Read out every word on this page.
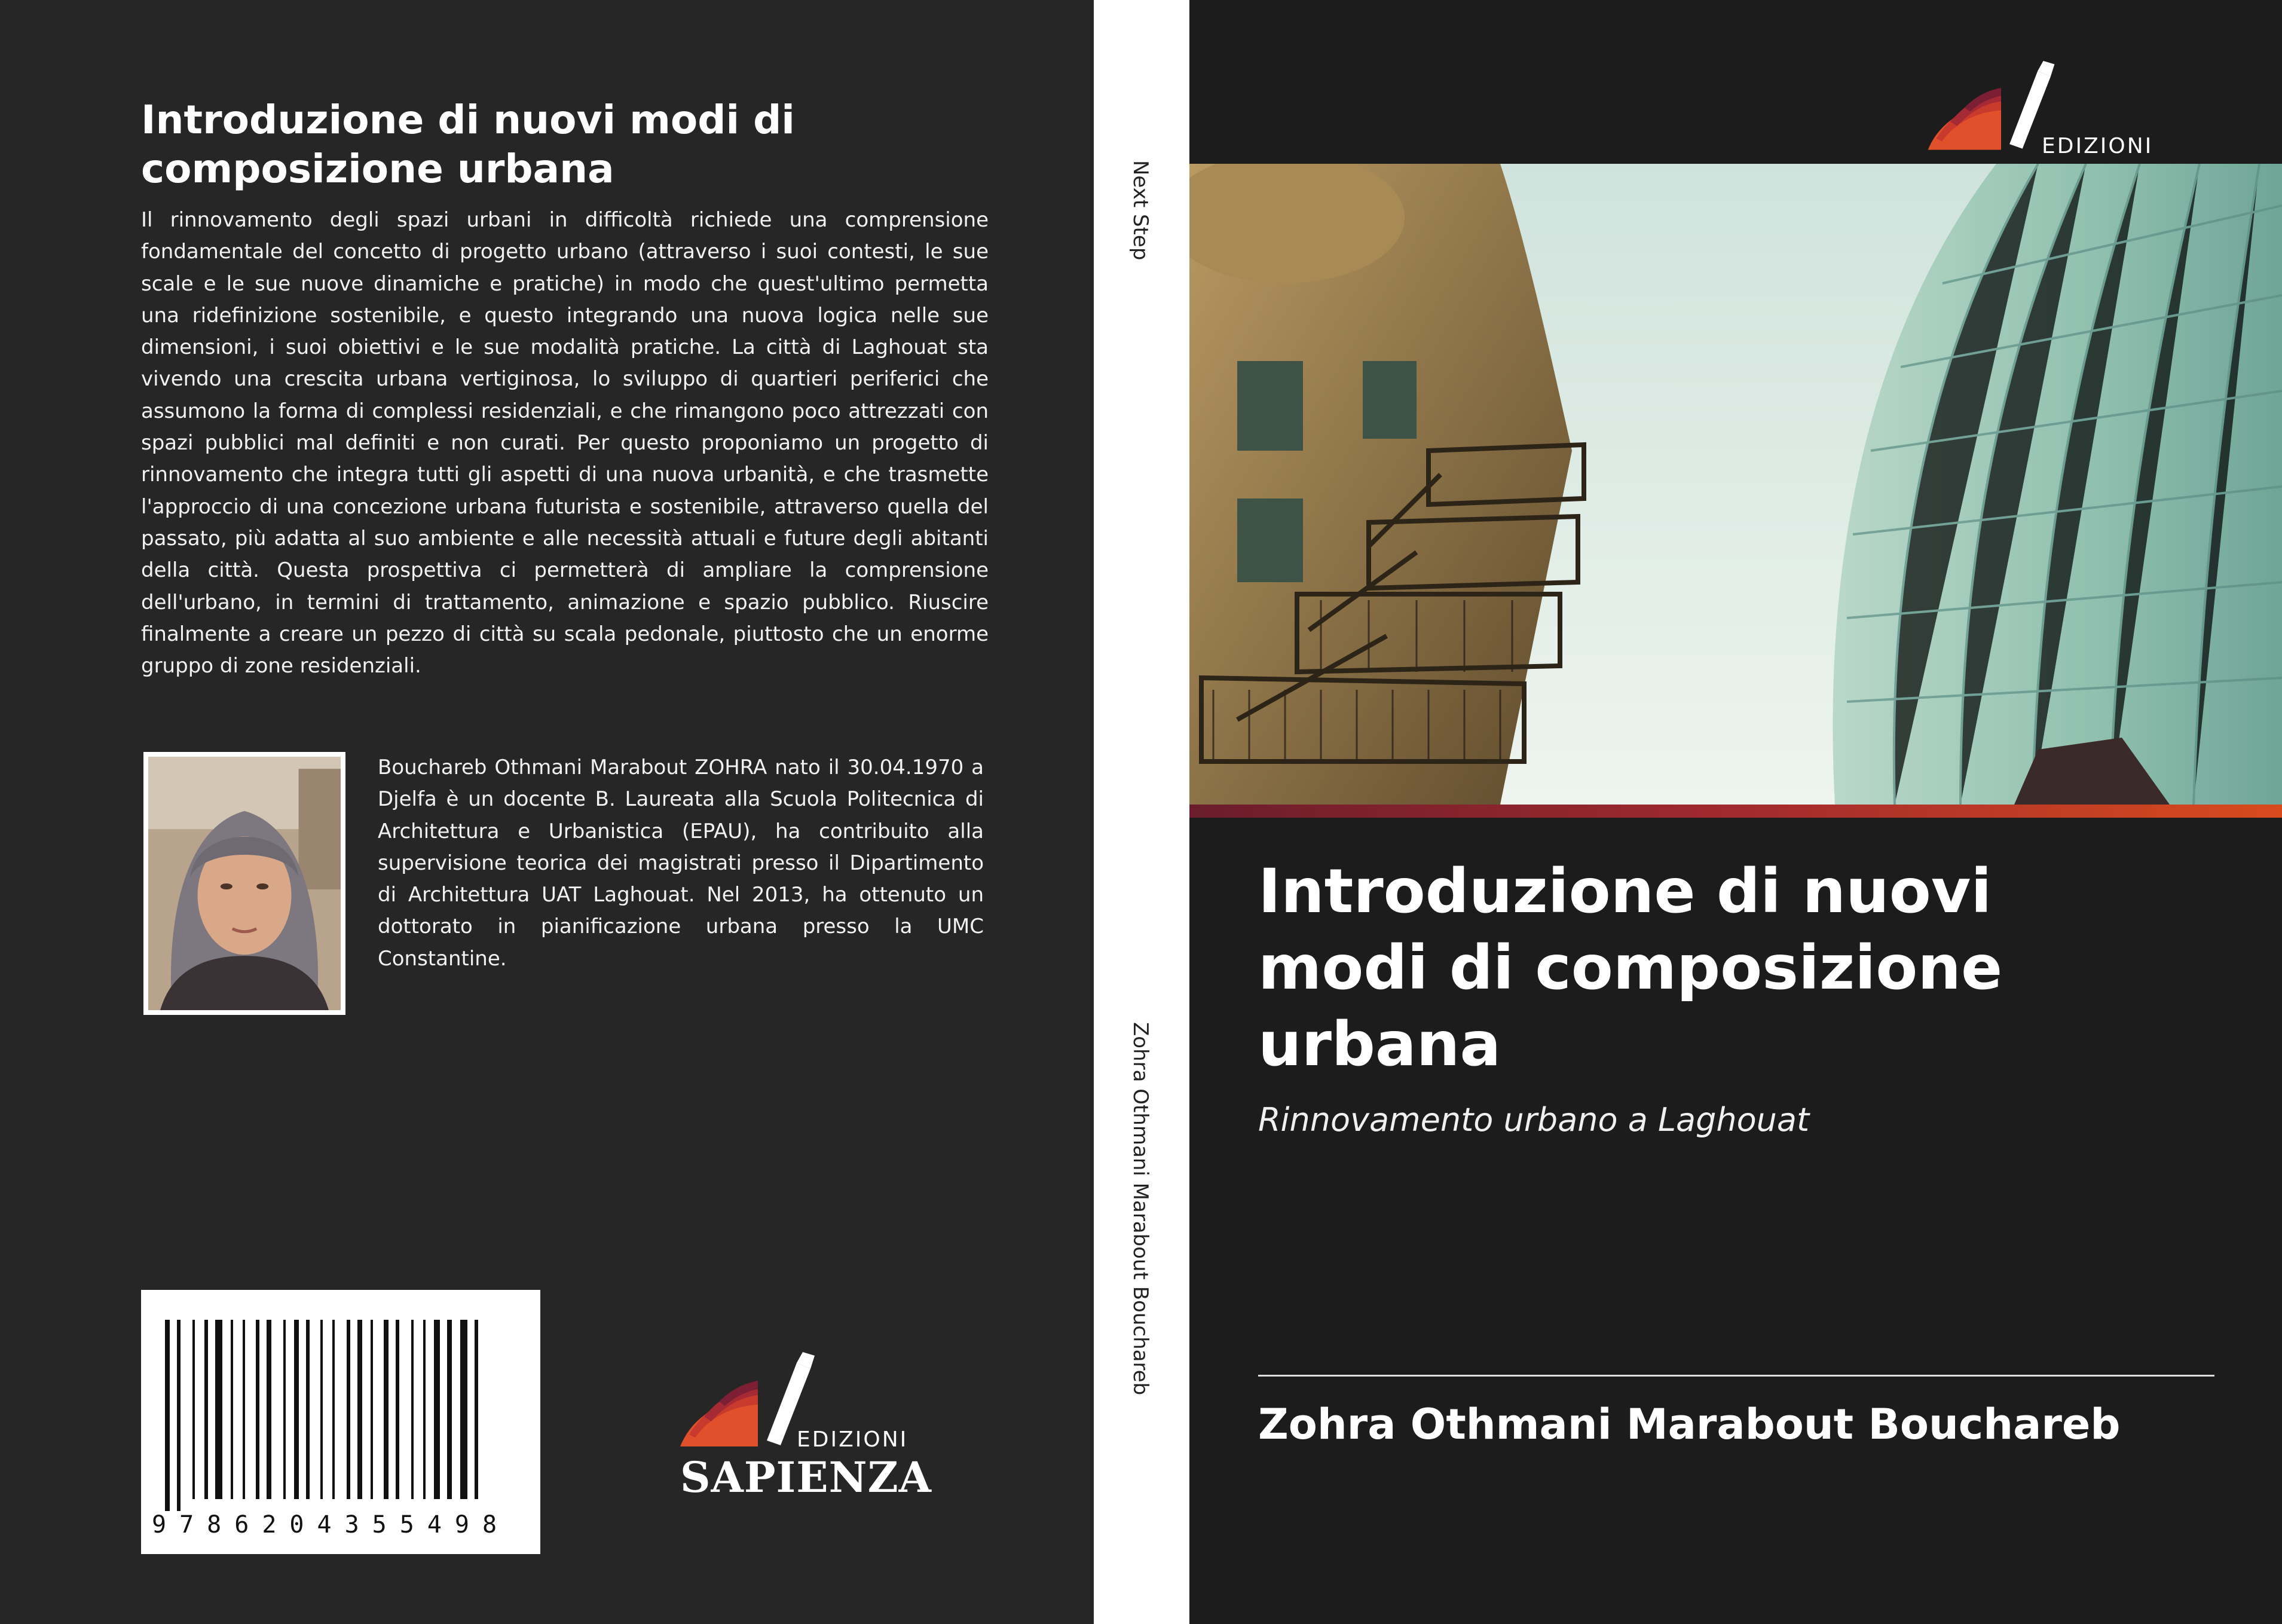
Introduzione di nuovi modi di composizione urbana
Il rinnovamento degli spazi urbani in difficoltà richiede una comprensione fondamentale del concetto di progetto urbano (attraverso i suoi contesti, le sue scale e le sue nuove dinamiche e pratiche) in modo che quest'ultimo permetta una ridefinizione sostenibile, e questo integrando una nuova logica nelle sue dimensioni, i suoi obiettivi e le sue modalità pratiche. La città di Laghouat sta vivendo una crescita urbana vertiginosa, lo sviluppo di quartieri periferici che assumono la forma di complessi residenziali, e che rimangono poco attrezzati con spazi pubblici mal definiti e non curati. Per questo proponiamo un progetto di rinnovamento che integra tutti gli aspetti di una nuova urbanità, e che trasmette l'approccio di una concezione urbana futurista e sostenibile, attraverso quella del passato, più adatta al suo ambiente e alle necessità attuali e future degli abitanti della città. Questa prospettiva ci permetterà di ampliare la comprensione dell'urbano, in termini di trattamento, animazione e spazio pubblico. Riuscire finalmente a creare un pezzo di città su scala pedonale, piuttosto che un enorme gruppo di zone residenziali.
Bouchareb Othmani Marabout ZOHRA nato il 30.04.1970 a Djelfa è un docente B. Laureata alla Scuola Politecnica di Architettura e Urbanistica (EPAU), ha contribuito alla supervisione teorica dei magistrati presso il Dipartimento di Architettura UAT Laghouat. Nel 2013, ha ottenuto un dottorato in pianificazione urbana presso la UMC Constantine.
9786204355498
EDIZIONI
SAPIENZA
Next Step
Zohra Othmani Marabout Bouchareb
EDIZIONI
Introduzione di nuovi modi di composizione urbana
Rinnovamento urbano a Laghouat
Zohra Othmani Marabout Bouchareb
